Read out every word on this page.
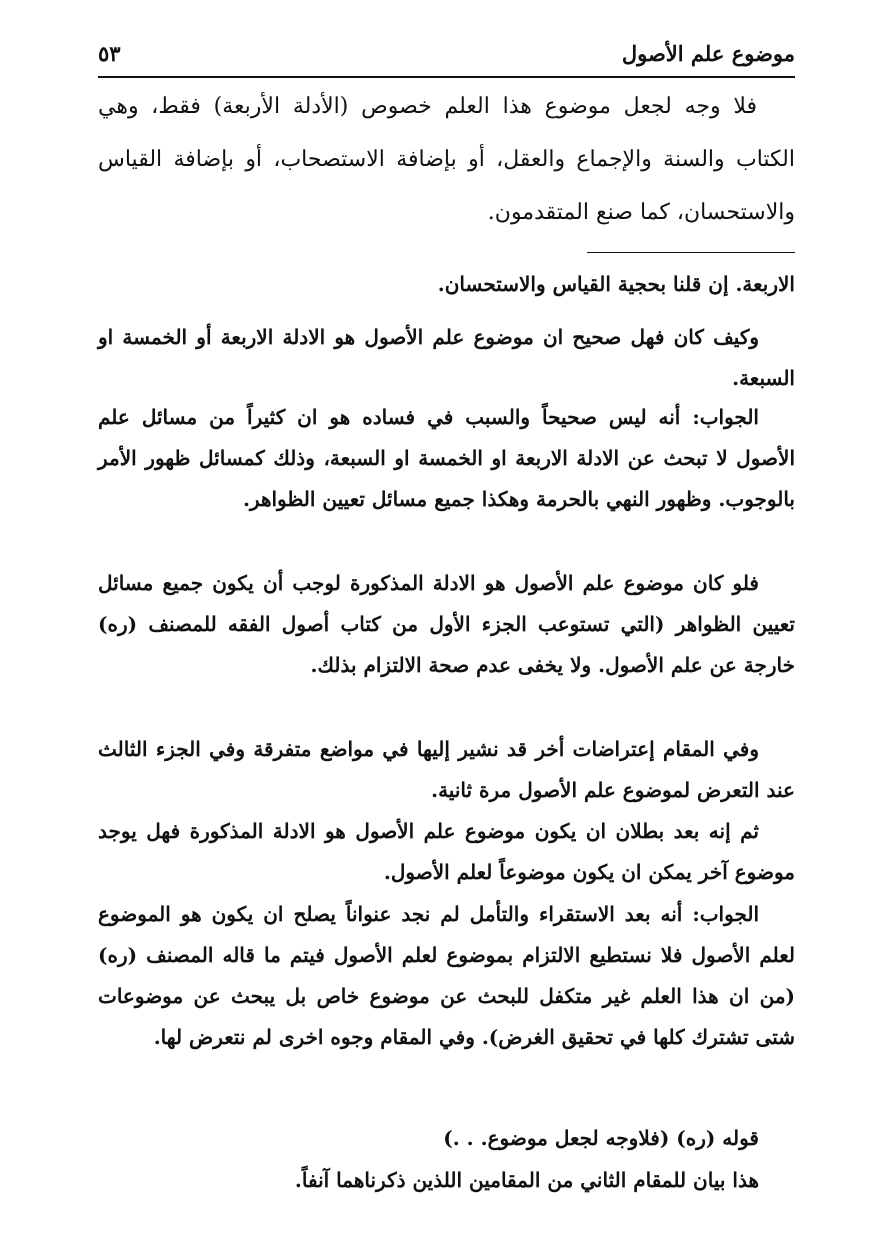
موضوع علم الأصول
٥٣

فلا وجه لجعل موضوع هذا العلم خصوص (الأدلة الأربعة) فقط، وهي الكتاب والسنة والإجماع والعقل، أو بإضافة الاستصحاب، أو بإضافة القياس والاستحسان، كما صنع المتقدمون.

الاربعة. إن قلنا بحجية القياس والاستحسان.

وكيف كان فهل صحيح ان موضوع علم الأصول هو الادلة الاربعة أو الخمسة او السبعة.

الجواب: أنه ليس صحيحاً والسبب في فساده هو ان كثيراً من مسائل علم الأصول لا تبحث عن الادلة الاربعة او الخمسة او السبعة، وذلك كمسائل ظهور الأمر بالوجوب. وظهور النهي بالحرمة وهكذا جميع مسائل تعيين الظواهر.

فلو كان موضوع علم الأصول هو الادلة المذكورة لوجب أن يكون جميع مسائل تعيين الظواهر (التي تستوعب الجزء الأول من كتاب أصول الفقه للمصنف (ره) خارجة عن علم الأصول. ولا يخفى عدم صحة الالتزام بذلك.

وفي المقام إعتراضات أخر قد نشير إليها في مواضع متفرقة وفي الجزء الثالث عند التعرض لموضوع علم الأصول مرة ثانية.

ثم إنه بعد بطلان ان يكون موضوع علم الأصول هو الادلة المذكورة فهل يوجد موضوع آخر يمكن ان يكون موضوعاً لعلم الأصول.

الجواب: أنه بعد الاستقراء والتأمل لم نجد عنواناً يصلح ان يكون هو الموضوع لعلم الأصول فلا نستطيع الالتزام بموضوع لعلم الأصول فيتم ما قاله المصنف (ره) (من ان هذا العلم غير متكفل للبحث عن موضوع خاص بل يبحث عن موضوعات شتى تشترك كلها في تحقيق الغرض). وفي المقام وجوه اخرى لم نتعرض لها.

قوله (ره) (فلاوجه لجعل موضوع. . .)

هذا بيان للمقام الثاني من المقامين اللذين ذكرناهما آنفاً.
